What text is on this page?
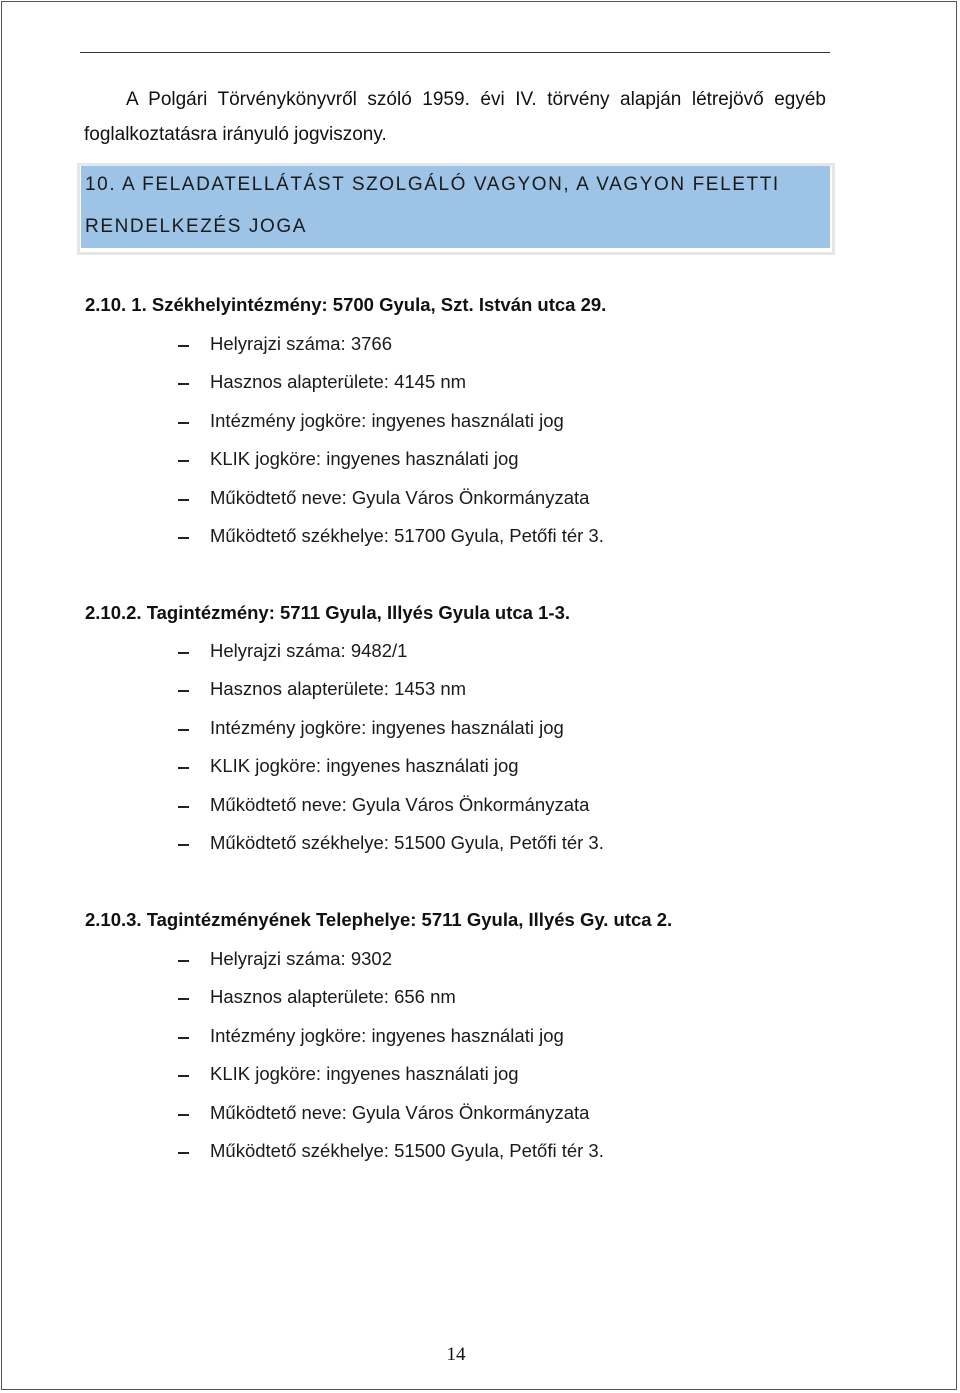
A Polgári Törvénykönyvről szóló 1959. évi IV. törvény alapján létrejövő egyéb
foglalkoztatásra irányuló jogviszony.

10. A FELADATELLÁTÁST SZOLGÁLÓ VAGYON, A VAGYON FELETTI
RENDELKEZÉS JOGA
2.10. 1. Székhelyintézmény: 5700 Gyula, Szt. István utca 29.
Helyrajzi száma: 3766
Hasznos alapterülete: 4145 nm
Intézmény jogköre: ingyenes használati jog
KLIK jogköre: ingyenes használati jog
Működtető neve: Gyula Város Önkormányzata
Működtető székhelye: 51700 Gyula, Petőfi tér 3.
2.10.2. Tagintézmény: 5711 Gyula, Illyés Gyula utca 1-3.
Helyrajzi száma: 9482/1
Hasznos alapterülete: 1453 nm
Intézmény jogköre: ingyenes használati jog
KLIK jogköre: ingyenes használati jog
Működtető neve: Gyula Város Önkormányzata
Működtető székhelye: 51500 Gyula, Petőfi tér 3.
2.10.3. Tagintézményének Telephelye: 5711 Gyula, Illyés Gy. utca 2.
Helyrajzi száma: 9302
Hasznos alapterülete: 656 nm
Intézmény jogköre: ingyenes használati jog
KLIK jogköre: ingyenes használati jog
Működtető neve: Gyula Város Önkormányzata
Működtető székhelye: 51500 Gyula, Petőfi tér 3.
14
